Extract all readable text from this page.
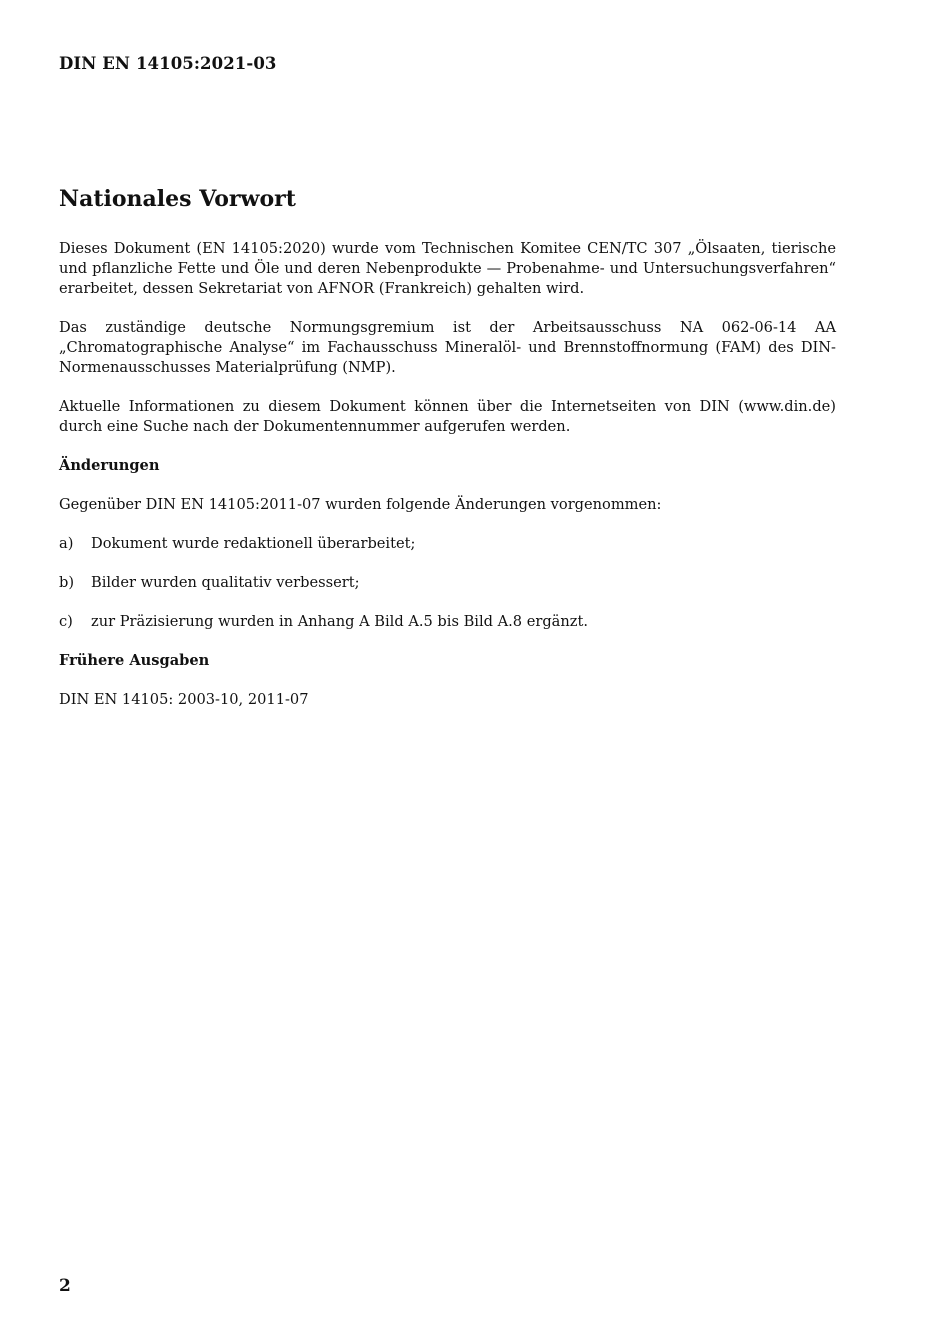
DIN EN 14105:2021-03
Nationales Vorwort

Dieses Dokument (EN 14105:2020) wurde vom Technischen Komitee CEN/TC 307 „Ölsaaten, tierische und pflanzliche Fette und Öle und deren Nebenprodukte — Probenahme- und Untersuchungsverfahren“ erarbeitet, dessen Sekretariat von AFNOR (Frankreich) gehalten wird.

Das zuständige deutsche Normungsgremium ist der Arbeitsausschuss NA 062-06-14 AA „Chromatographische Analyse“ im Fachausschuss Mineralöl- und Brennstoffnormung (FAM) des DIN-Normenausschusses Materialprüfung (NMP).

Aktuelle Informationen zu diesem Dokument können über die Internetseiten von DIN (www.din.de) durch eine Suche nach der Dokumentennummer aufgerufen werden.

Änderungen

Gegenüber DIN EN 14105:2011-07 wurden folgende Änderungen vorgenommen:

a)	Dokument wurde redaktionell überarbeitet;
b)	Bilder wurden qualitativ verbessert;
c)	zur Präzisierung wurden in Anhang A Bild A.5 bis Bild A.8 ergänzt.
Frühere Ausgaben

DIN EN 14105: 2003-10, 2011-07

2
